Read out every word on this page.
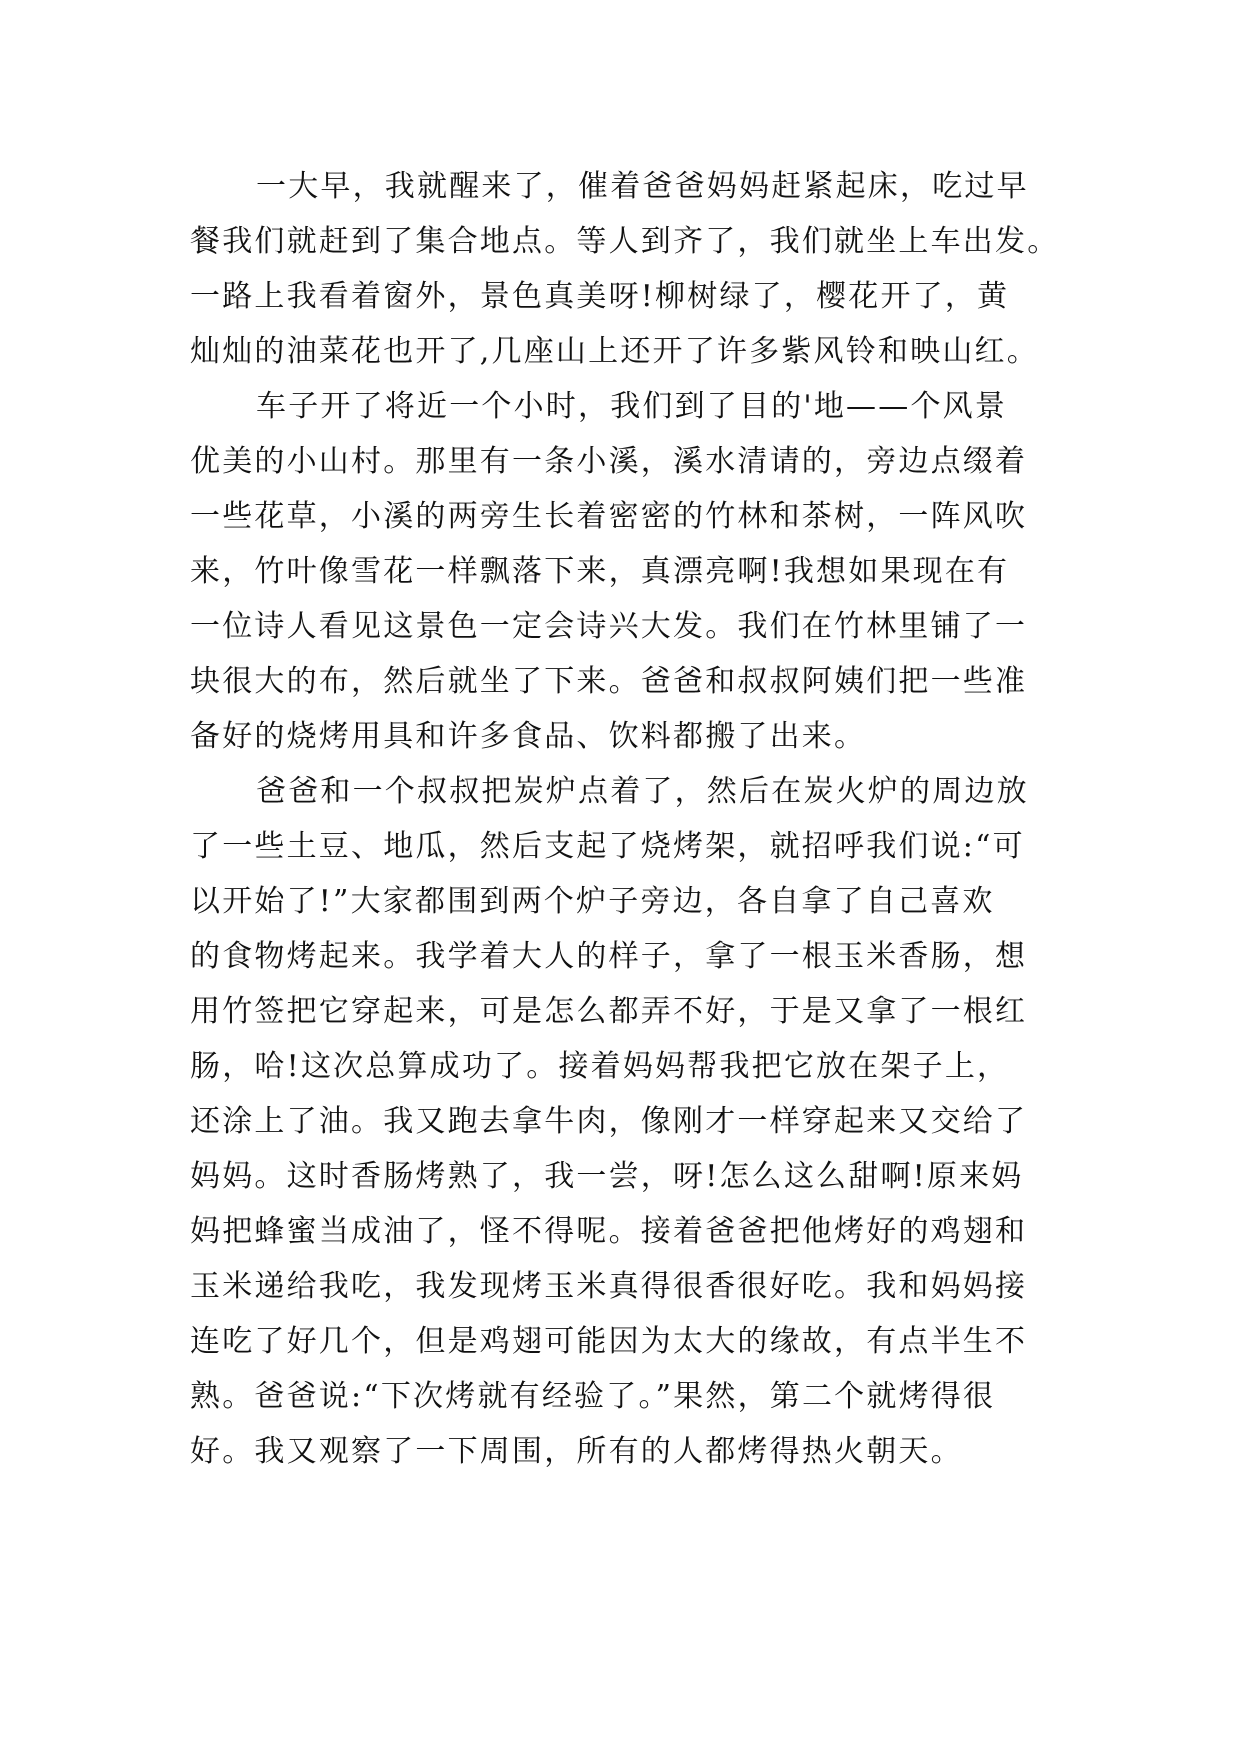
一大早，我就醒来了，催着爸爸妈妈赶紧起床，吃过早
餐我们就赶到了集合地点。等人到齐了，我们就坐上车出发。
一路上我看着窗外，景色真美呀!柳树绿了，樱花开了，黄
灿灿的油菜花也开了,几座山上还开了许多紫风铃和映山红。
车子开了将近一个小时，我们到了目的'地——个风景
优美的小山村。那里有一条小溪，溪水清请的，旁边点缀着
一些花草，小溪的两旁生长着密密的竹林和茶树，一阵风吹
来，竹叶像雪花一样飘落下来，真漂亮啊!我想如果现在有
一位诗人看见这景色一定会诗兴大发。我们在竹林里铺了一
块很大的布，然后就坐了下来。爸爸和叔叔阿姨们把一些准
备好的烧烤用具和许多食品、饮料都搬了出来。
爸爸和一个叔叔把炭炉点着了，然后在炭火炉的周边放
了一些土豆、地瓜，然后支起了烧烤架，就招呼我们说:“可
以开始了!”大家都围到两个炉子旁边，各自拿了自己喜欢
的食物烤起来。我学着大人的样子，拿了一根玉米香肠，想
用竹签把它穿起来，可是怎么都弄不好，于是又拿了一根红
肠，哈!这次总算成功了。接着妈妈帮我把它放在架子上，
还涂上了油。我又跑去拿牛肉，像刚才一样穿起来又交给了
妈妈。这时香肠烤熟了，我一尝，呀!怎么这么甜啊!原来妈
妈把蜂蜜当成油了，怪不得呢。接着爸爸把他烤好的鸡翅和
玉米递给我吃，我发现烤玉米真得很香很好吃。我和妈妈接
连吃了好几个，但是鸡翅可能因为太大的缘故，有点半生不
熟。爸爸说:“下次烤就有经验了。”果然，第二个就烤得很
好。我又观察了一下周围，所有的人都烤得热火朝天。
